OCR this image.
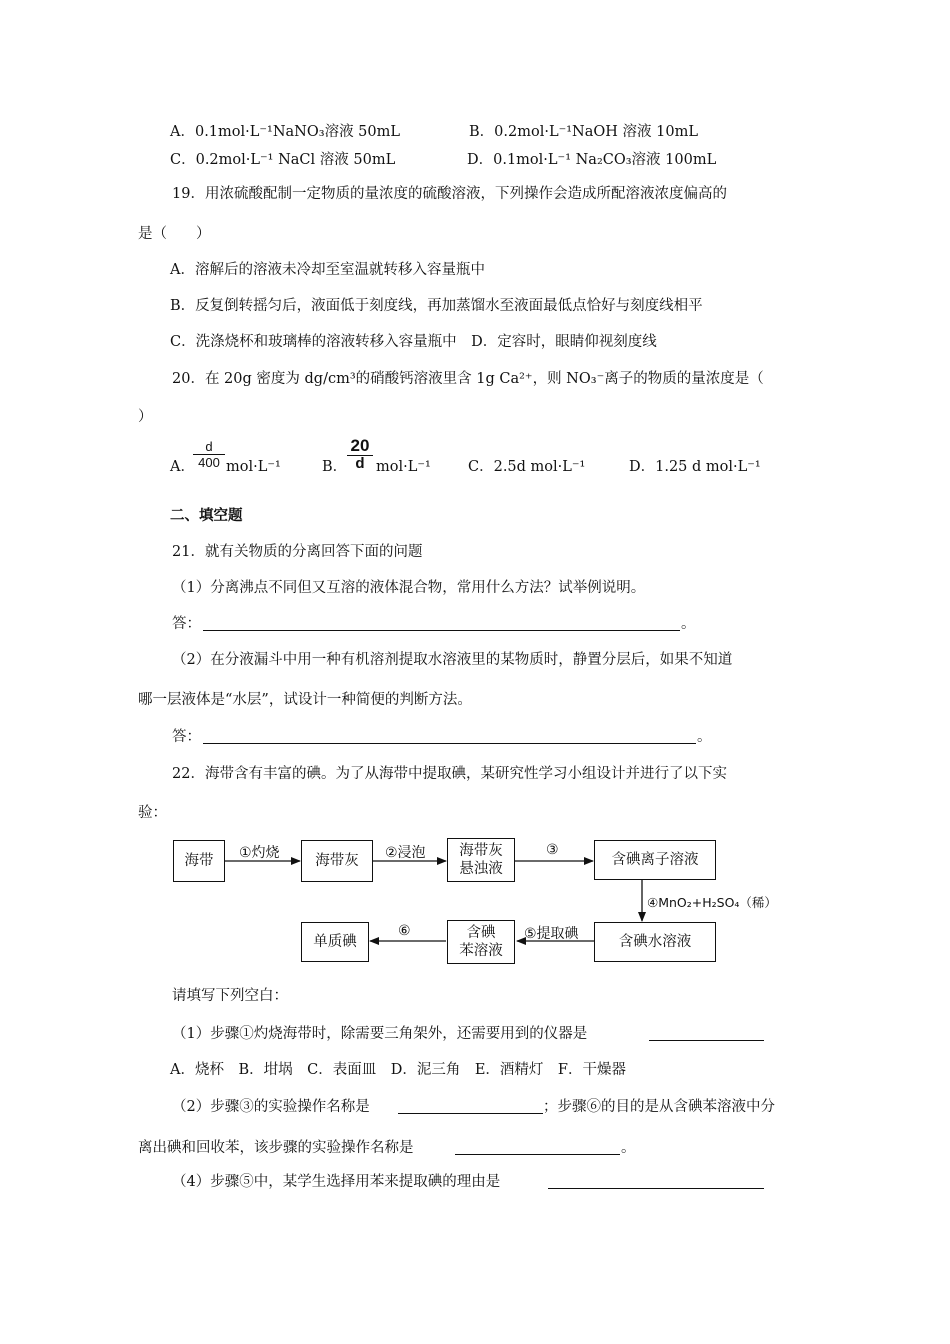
A．0.1mol·L⁻¹NaNO₃溶液 50mL	B．0.2mol·L⁻¹NaOH 溶液 10mL
C．0.2mol·L⁻¹ NaCl 溶液 50mL	D．0.1mol·L⁻¹ Na₂CO₃溶液 100mL
19．用浓硫酸配制一定物质的量浓度的硫酸溶液，下列操作会造成所配溶液浓度偏高的
是（　　）
A．溶解后的溶液未冷却至室温就转移入容量瓶中
B．反复倒转摇匀后，液面低于刻度线，再加蒸馏水至液面最低点恰好与刻度线相平
C．洗涤烧杯和玻璃棒的溶液转移入容量瓶中　D．定容时，眼睛仰视刻度线
20．在 20g 密度为 dg/cm³的硝酸钙溶液里含 1g Ca²⁺，则 NO₃⁻离子的物质的量浓度是（
）
A．
d
400 mol·L⁻¹	B．
20
d mol·L⁻¹	C．2.5d mol·L⁻¹	D．1.25 d mol·L⁻¹
二、填空题
21．就有关物质的分离回答下面的问题
（1）分离沸点不同但又互溶的液体混合物，常用什么方法？试举例说明。
答：	。
（2）在分液漏斗中用一种有机溶剂提取水溶液里的某物质时，静置分层后，如果不知道
哪一层液体是“水层”，试设计一种简便的判断方法。
答：	。
22．海带含有丰富的碘。为了从海带中提取碘，某研究性学习小组设计并进行了以下实
验：
海带	海带灰
海带灰
悬浊液
含碘离子溶液
含碘水溶液
含碘
苯溶液
单质碘
①灼烧	②浸泡	③
④MnO₂+H₂SO₄（稀）
⑤提取碘
⑥
请填写下列空白：
（1）步骤①灼烧海带时，除需要三角架外，还需要用到的仪器是
A．烧杯　B．坩埚　C．表面皿　D．泥三角　E．酒精灯　F．干燥器
（2）步骤③的实验操作名称是	；步骤⑥的目的是从含碘苯溶液中分
离出碘和回收苯，该步骤的实验操作名称是	。
（4）步骤⑤中，某学生选择用苯来提取碘的理由是
